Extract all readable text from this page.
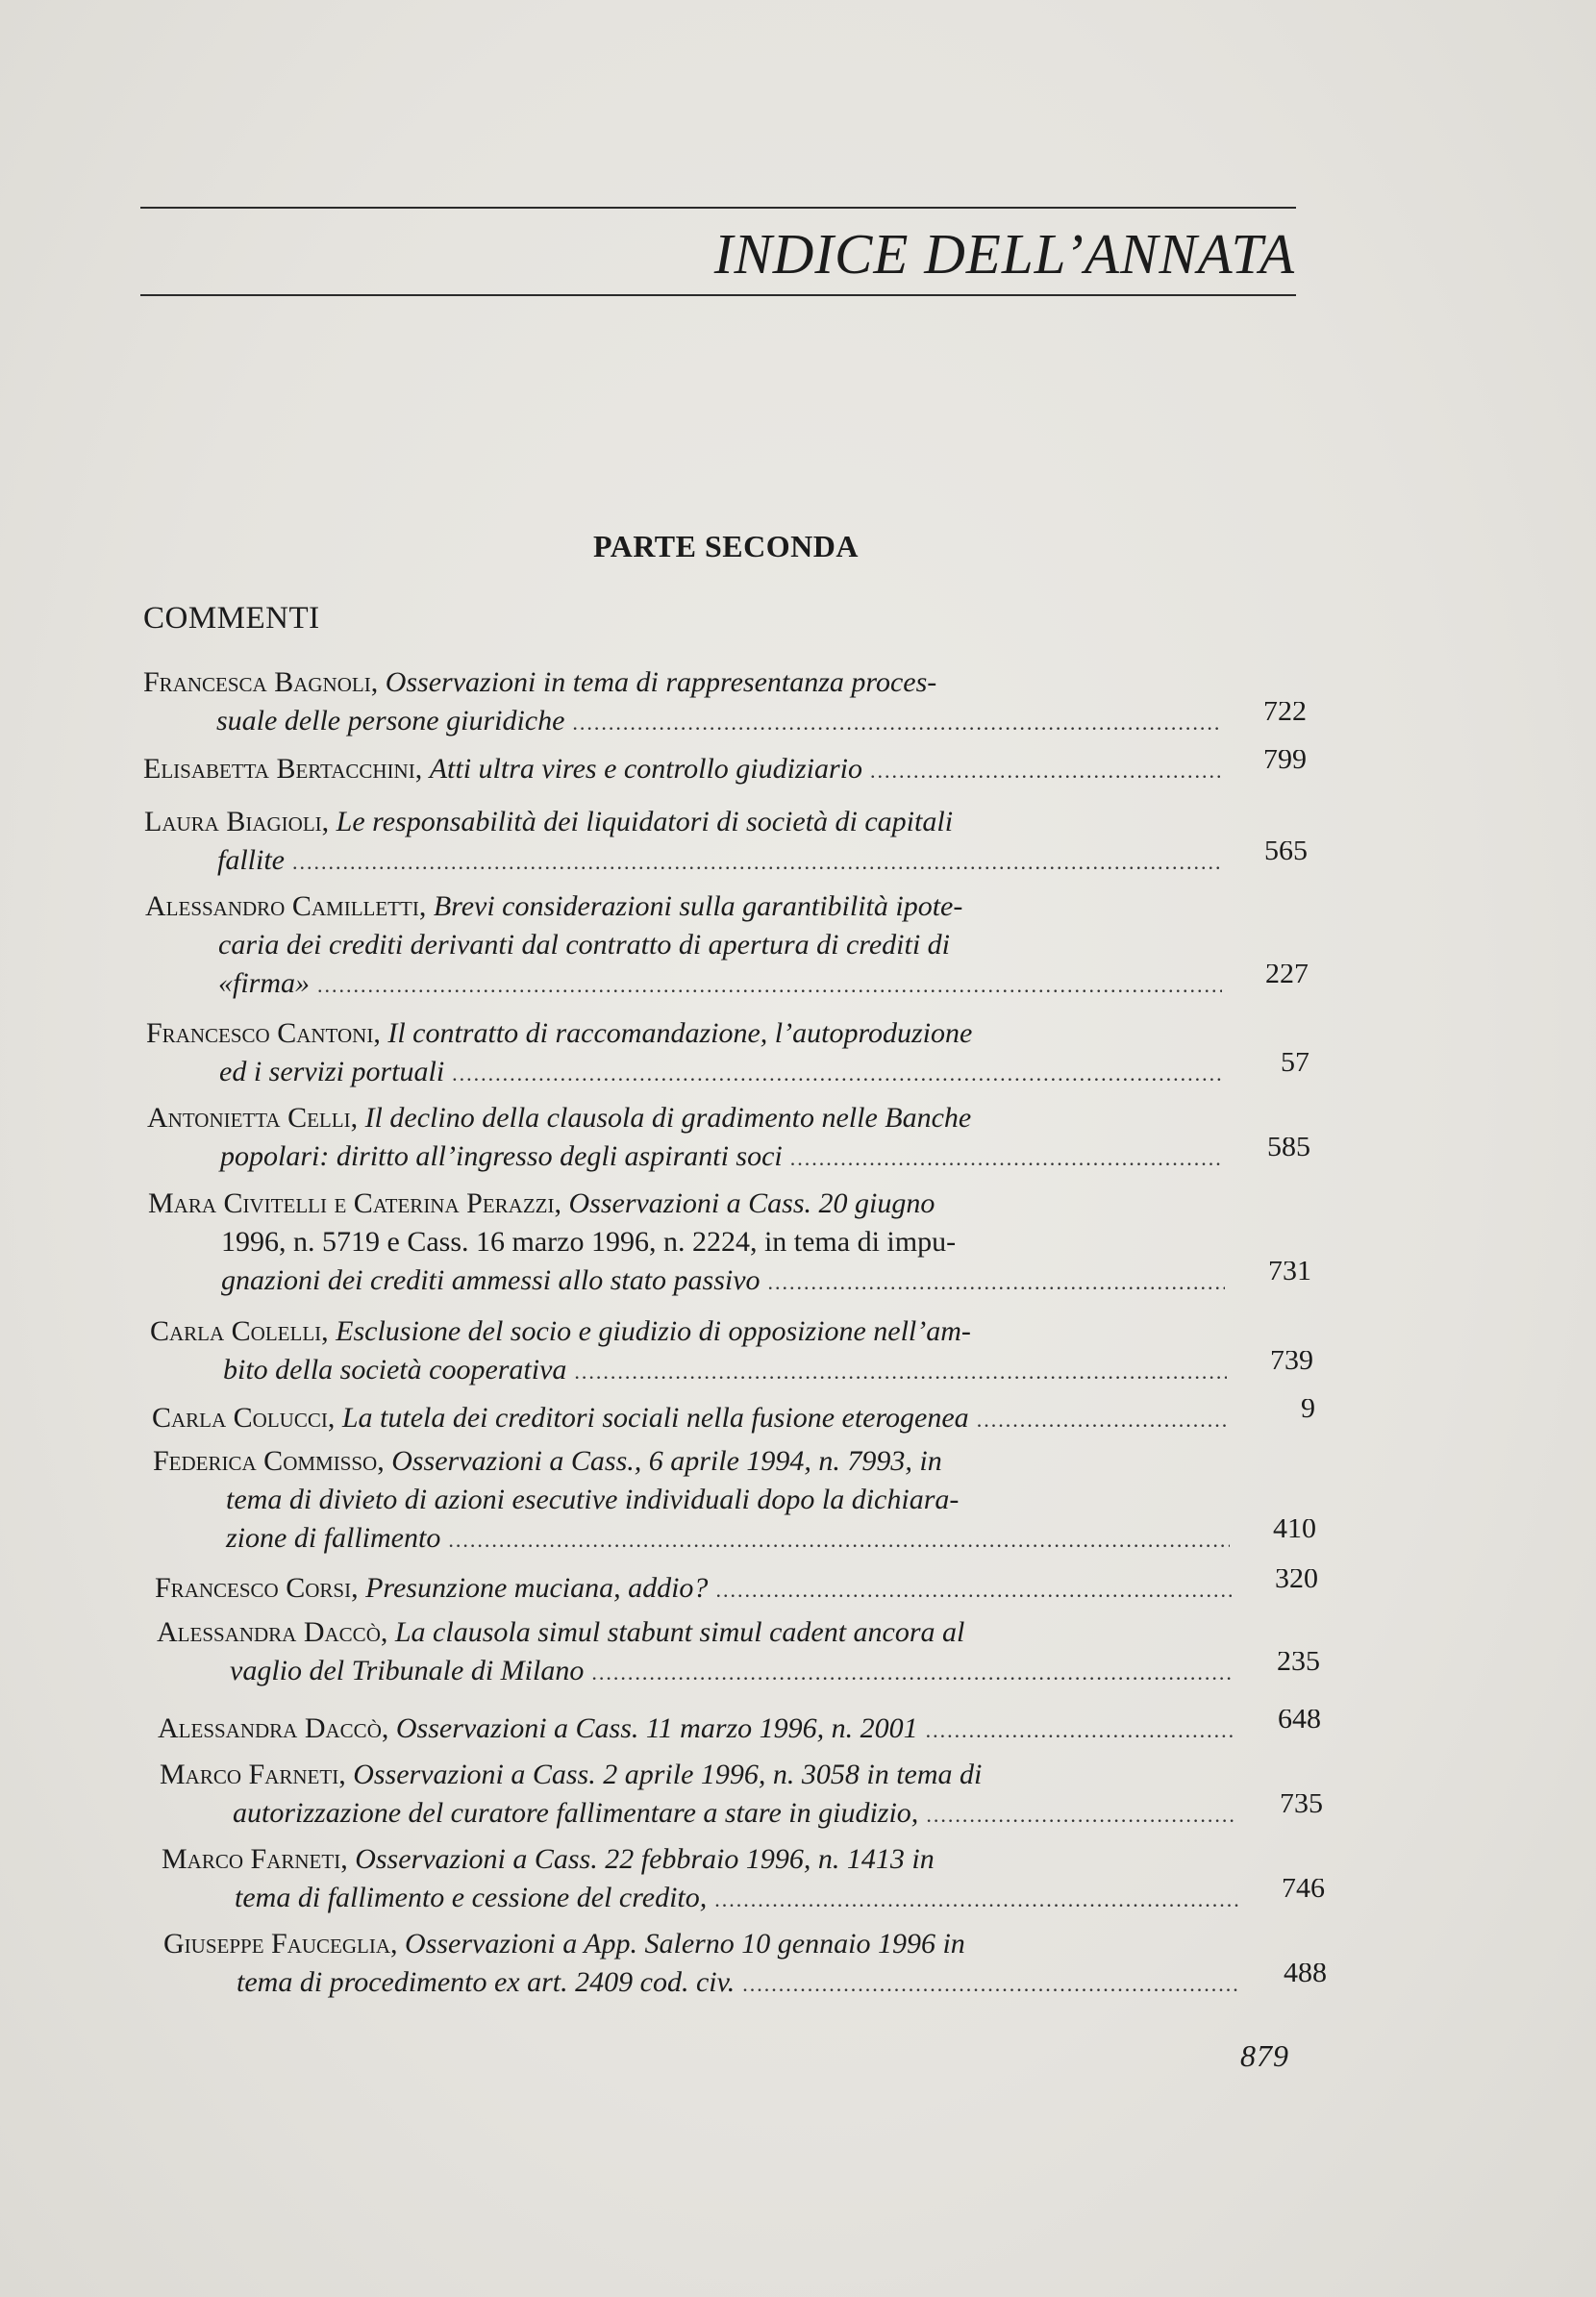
INDICE DELL’ANNATA
PARTE SECONDA
COMMENTI
Francesca Bagnoli, Osservazioni in tema di rappresentanza proces-
suale delle persone giuridiche .....	722
Elisabetta Bertacchini, Atti ultra vires e controllo giudiziario .....	799
Laura Biagioli, Le responsabilità dei liquidatori di società di capitali
fallite .....	565
Alessandro Camilletti, Brevi considerazioni sulla garantibilità ipote-
caria dei crediti derivanti dal contratto di apertura di crediti di
«firma» .....	227
Francesco Cantoni, Il contratto di raccomandazione, l’autoproduzione
ed i servizi portuali .....	57
Antonietta Celli, Il declino della clausola di gradimento nelle Banche
popolari: diritto all’ingresso degli aspiranti soci .....	585
Mara Civitelli e Caterina Perazzi, Osservazioni a Cass. 20 giugno
1996, n. 5719 e Cass. 16 marzo 1996, n. 2224, in tema di impu-
gnazioni dei crediti ammessi allo stato passivo .....	731
Carla Colelli, Esclusione del socio e giudizio di opposizione nell’am-
bito della società cooperativa .....	739
Carla Colucci, La tutela dei creditori sociali nella fusione eterogenea .....	9
Federica Commisso, Osservazioni a Cass., 6 aprile 1994, n. 7993, in
tema di divieto di azioni esecutive individuali dopo la dichiara-
zione di fallimento .....	410
Francesco Corsi, Presunzione muciana, addio? .....	320
Alessandra Daccò, La clausola simul stabunt simul cadent ancora al
vaglio del Tribunale di Milano .....	235
Alessandra Daccò, Osservazioni a Cass. 11 marzo 1996, n. 2001 .....	648
Marco Farneti, Osservazioni a Cass. 2 aprile 1996, n. 3058 in tema di
autorizzazione del curatore fallimentare a stare in giudizio, .....	735
Marco Farneti, Osservazioni a Cass. 22 febbraio 1996, n. 1413 in
tema di fallimento e cessione del credito, .....	746
Giuseppe Fauceglia, Osservazioni a App. Salerno 10 gennaio 1996 in
tema di procedimento ex art. 2409 cod. civ. .....	488
879
